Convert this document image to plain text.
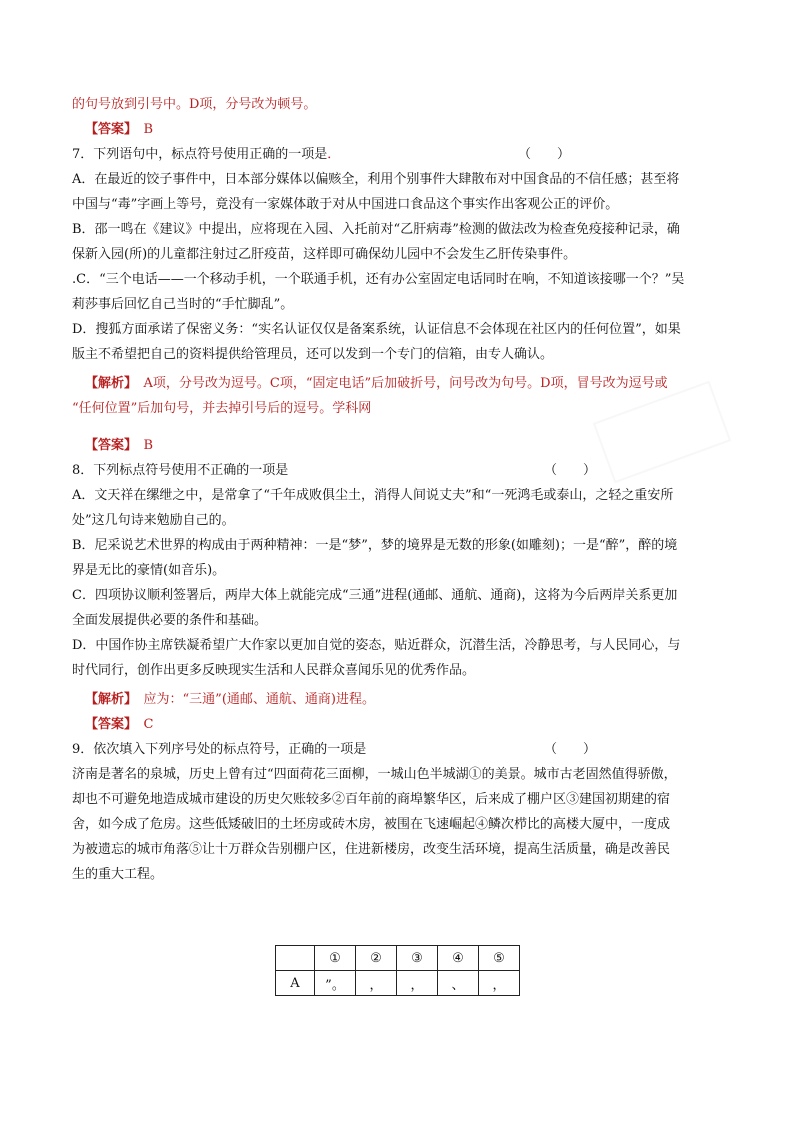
的句号放到引号中。D项，分号改为顿号。
【答案】　 B
7．下列语句中，标点符号使用正确的一项是．	（　　）
A．在最近的饺子事件中，日本部分媒体以偏赅全，利用个别事件大肆散布对中国食品的不信任感；甚至将
中国与“毒”字画上等号，竟没有一家媒体敢于对从中国进口食品这个事实作出客观公正的评价。
B．邵一鸣在《建议》中提出，应将现在入园、入托前对“乙肝病毒”检测的做法改为检查免疫接种记录，确
保新入园(所)的儿童都注射过乙肝疫苗，这样即可确保幼儿园中不会发生乙肝传染事件。
.C．“三个电话——一个移动手机，一个联通手机，还有办公室固定电话同时在响，不知道该接哪一个？”吴
莉莎事后回忆自己当时的“手忙脚乱”。
D．搜狐方面承诺了保密义务：“实名认证仅仅是备案系统，认证信息不会体现在社区内的任何位置”，如果
版主不希望把自己的资料提供给管理员，还可以发到一个专门的信箱，由专人确认。
【解析】　 A项，分号改为逗号。C项，“固定电话”后加破折号，问号改为句号。D项，冒号改为逗号或
“任何位置”后加句号，并去掉引号后的逗号。学科网
【答案】　 B
8．下列标点符号使用不正确的一项是	（　　）
A．文天祥在缧绁之中，是常拿了“千年成败俱尘土，消得人间说丈夫”和“一死鸿毛或泰山，之轻之重安所
处”这几句诗来勉励自己的。
B．尼采说艺术世界的构成由于两种精神：一是“梦”，梦的境界是无数的形象(如雕刻)；一是“醉”，醉的境
界是无比的豪情(如音乐)。
C．四项协议顺利签署后，两岸大体上就能完成“三通”进程(通邮、通航、通商)，这将为今后两岸关系更加
全面发展提供必要的条件和基础。
D．中国作协主席铁凝希望广大作家以更加自觉的姿态，贴近群众，沉潜生活，冷静思考，与人民同心，与
时代同行，创作出更多反映现实生活和人民群众喜闻乐见的优秀作品。
【解析】　 应为：“三通”(通邮、通航、通商)进程。
【答案】　 C
9．依次填入下列序号处的标点符号，正确的一项是	（　　）
济南是著名的泉城，历史上曾有过“四面荷花三面柳，一城山色半城湖①的美景。城市古老固然值得骄傲，
却也不可避免地造成城市建设的历史欠账较多②百年前的商埠繁华区，后来成了棚户区③建国初期建的宿
舍，如今成了危房。这些低矮破旧的土坯房或砖木房，被围在飞速崛起④鳞次栉比的高楼大厦中，一度成
为被遗忘的城市角落⑤让十万群众告别棚户区，住进新楼房，改变生活环境，提高生活质量，确是改善民
生的重大工程。
	①	②	③	④	⑤
A	”。	，	，	、	，
